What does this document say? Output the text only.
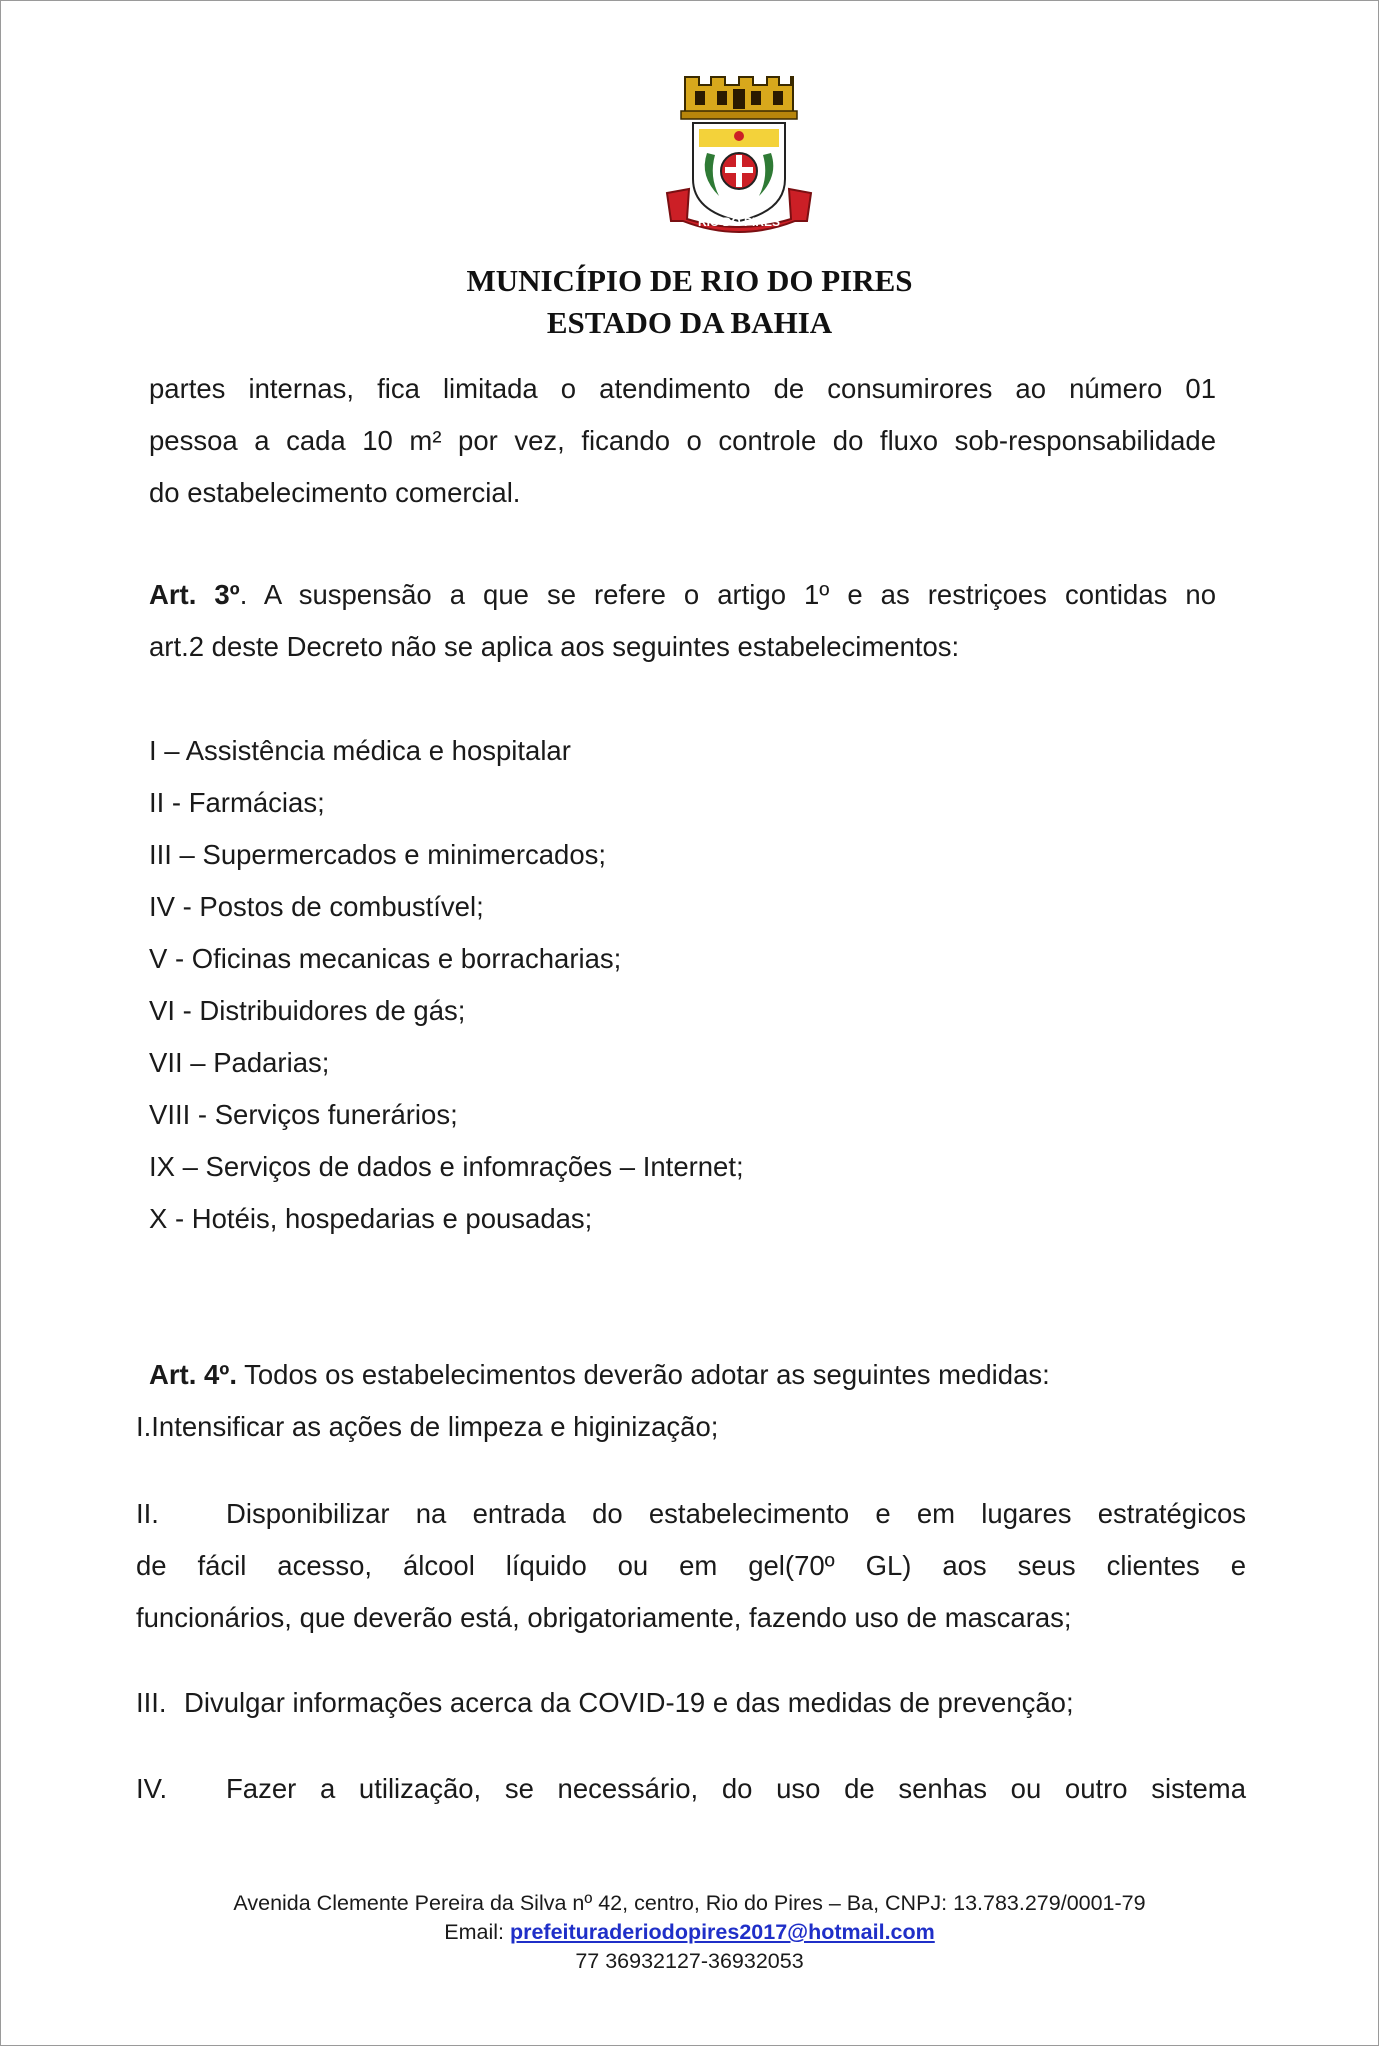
RIO DO PIRES
MUNICÍPIO DE RIO DO PIRES
ESTADO DA BAHIA
partes internas, fica limitada o atendimento de consumirores ao número 01
pessoa a cada 10 m² por vez, ficando o controle do fluxo sob-responsabilidade
do estabelecimento comercial.
Art. 3º. A suspensão a que se refere o artigo 1º e as restriçoes contidas no
art.2 deste Decreto não se aplica aos seguintes estabelecimentos:
I – Assistência médica e hospitalar
II - Farmácias;
III – Supermercados e minimercados;
IV - Postos de combustível;
V - Oficinas mecanicas e borracharias;
VI - Distribuidores de gás;
VII – Padarias;
VIII - Serviços funerários;
IX – Serviços de dados e infomrações – Internet;
X - Hotéis, hospedarias e pousadas;
Art. 4º. Todos os estabelecimentos deverão adotar as seguintes medidas:
I.Intensificar as ações de limpeza e higinização;
II. Disponibilizar na entrada do estabelecimento e em lugares estratégicos
de fácil acesso, álcool líquido ou em gel(70º GL) aos seus clientes e
funcionários, que deverão está, obrigatoriamente, fazendo uso de mascaras;
III. Divulgar informações acerca da COVID-19 e das medidas de prevenção;
IV. Fazer a utilização, se necessário, do uso de senhas ou outro sistema
Avenida Clemente Pereira da Silva nº 42, centro, Rio do Pires – Ba, CNPJ: 13.783.279/0001-79
Email: prefeituraderiodopires2017@hotmail.com
77 36932127-36932053
